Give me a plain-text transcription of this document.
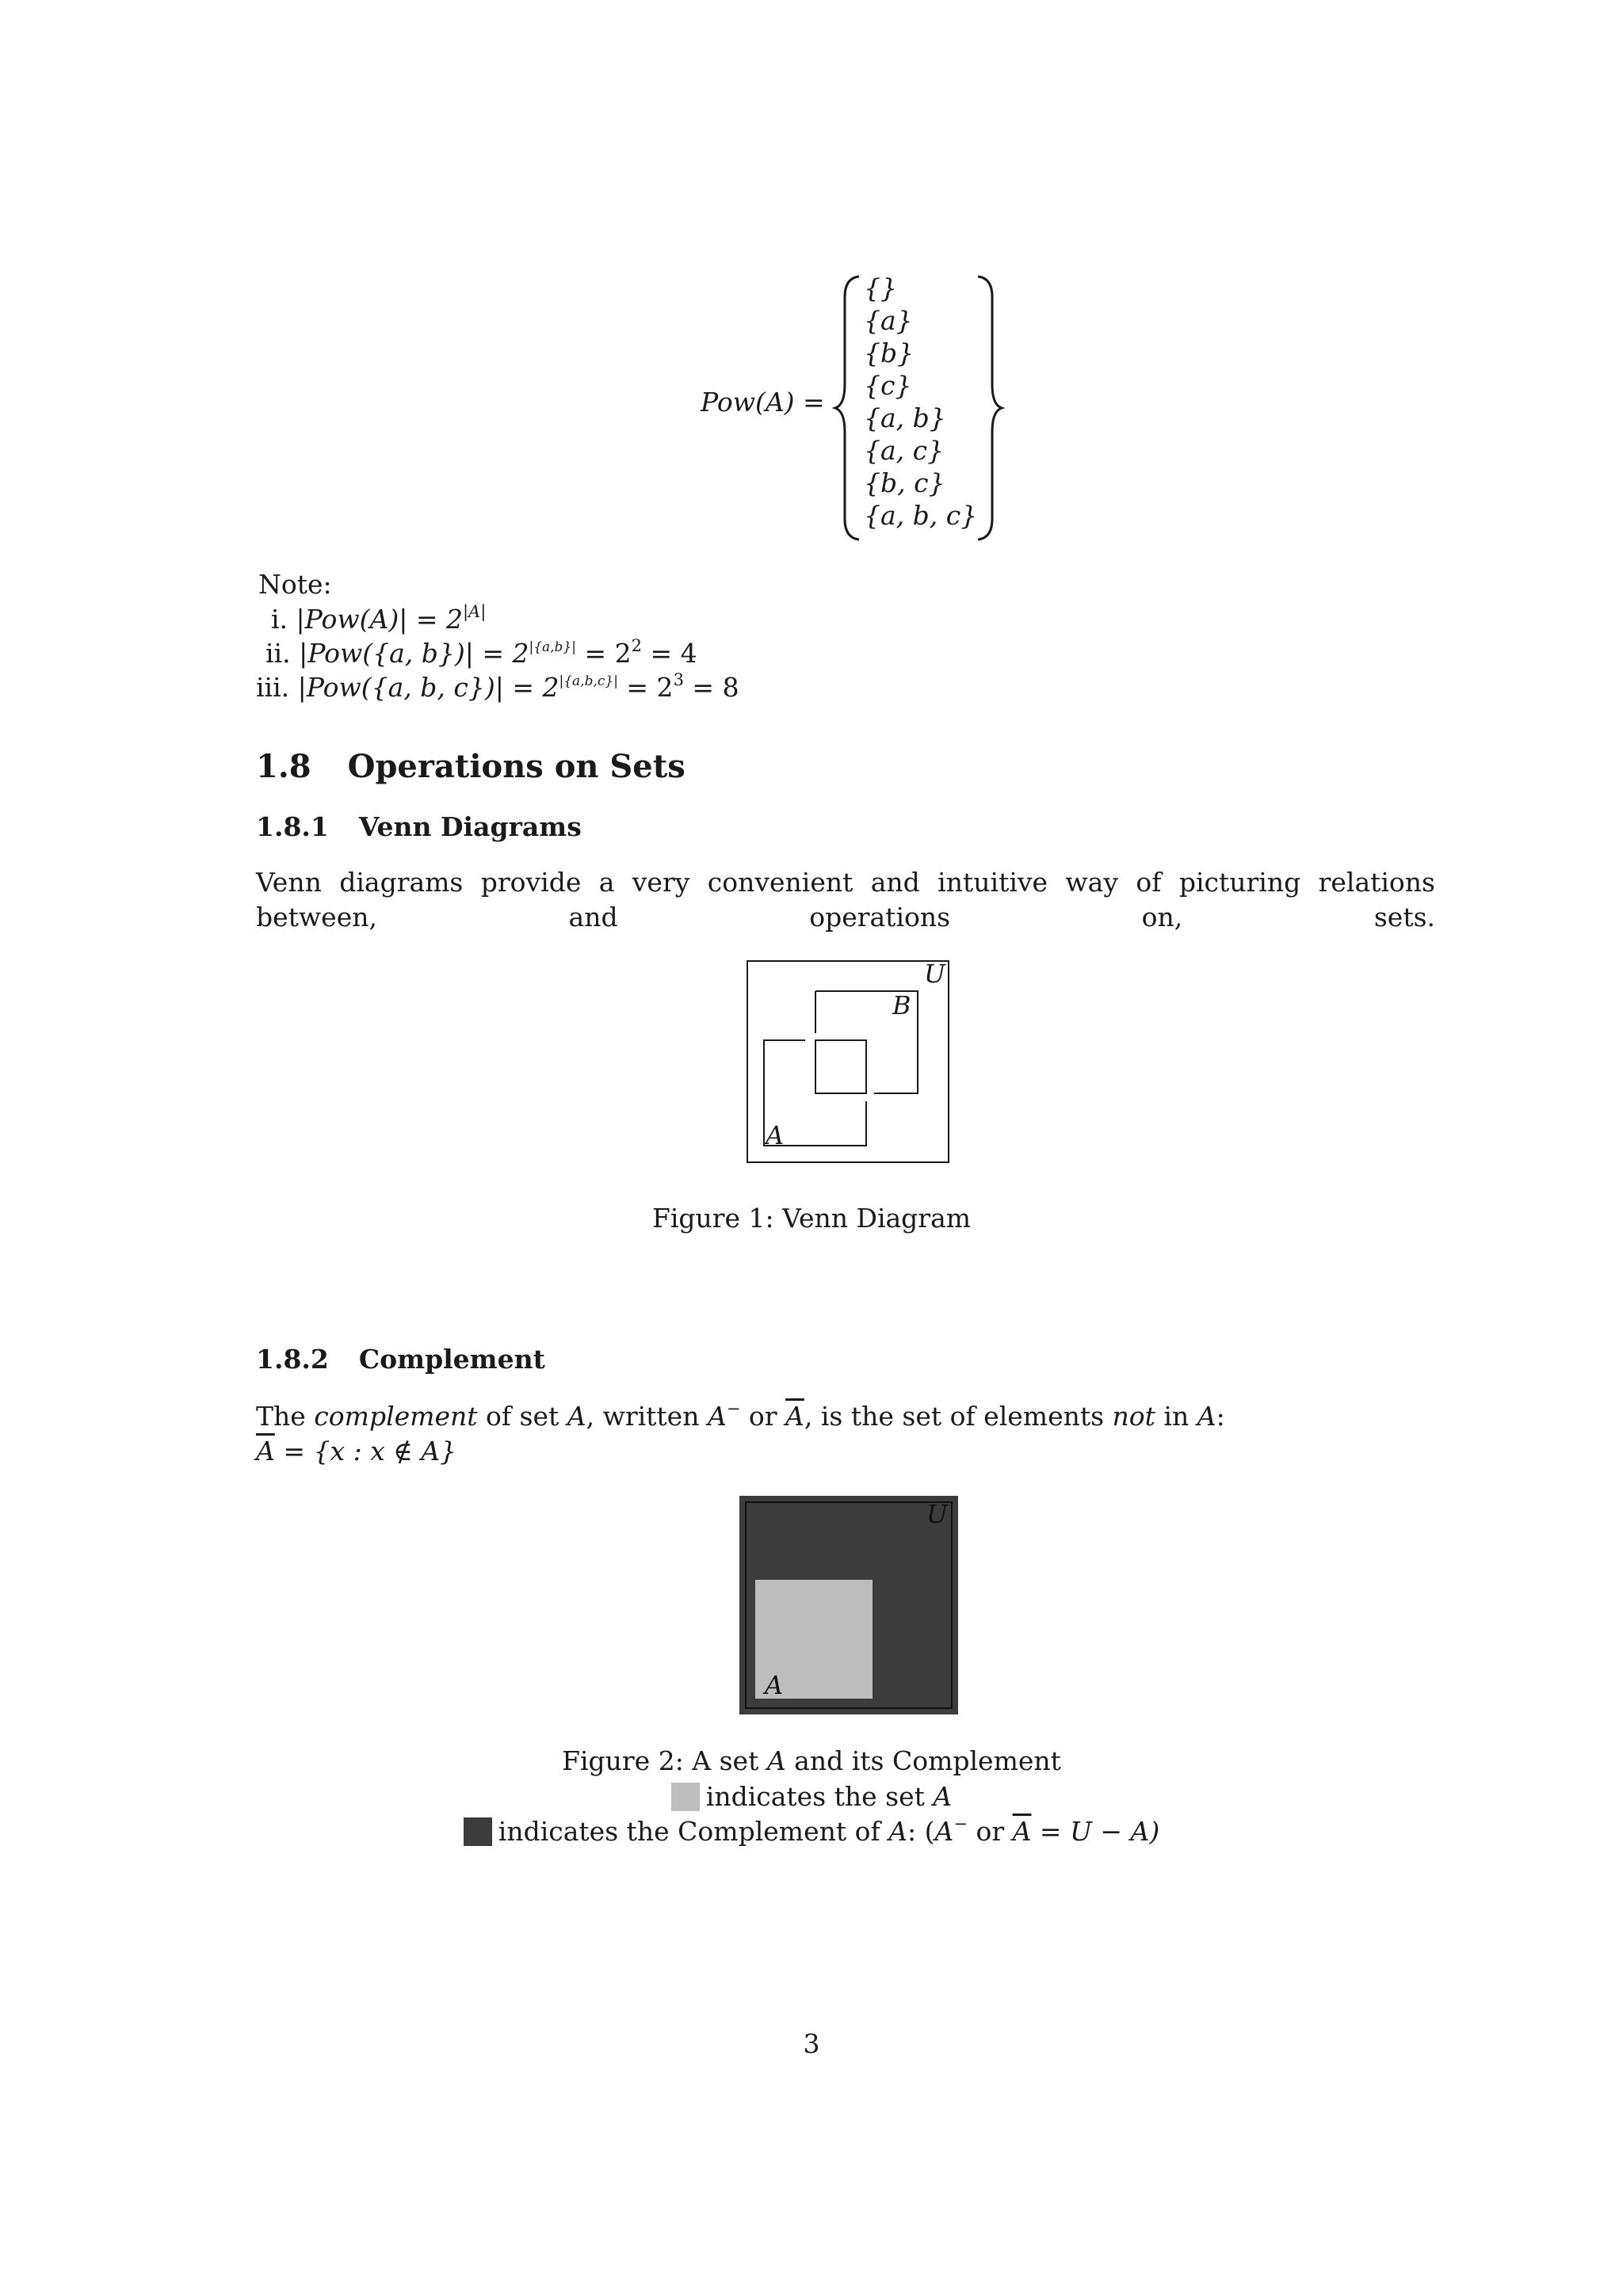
Pow(A) =
{}
{a}
{b}
{c}
{a, b}
{a, c}
{b, c}
{a, b, c}
Note:
i. $|Pow(A)| = 2^{|A|}$
ii. |Pow({a, $b\})| = 2^{|\{a,b\}|} = 2^2 = 4$
iii. |Pow({a, b, $c\})| = 2^{|\{a,b,c\}|} = 2^3 = 8$
1.8 Operations on Sets
1.8.1 Venn Diagrams
Venn diagrams provide a very convenient and intuitive way of picturing relations between, and operations on, sets.
U
B
A
Figure 1: Venn Diagram
1.8.2 Complement
The complement of set A, written A− or $\overline{A}$, is the set of elements not in A:
$\overline{A} = \{x$ : x ∉ A}
U
A
Figure 2: A set A and its Complement
indicates the set A
indicates the Complement of A: (A− or $\overline{A} = U - A$)
3
